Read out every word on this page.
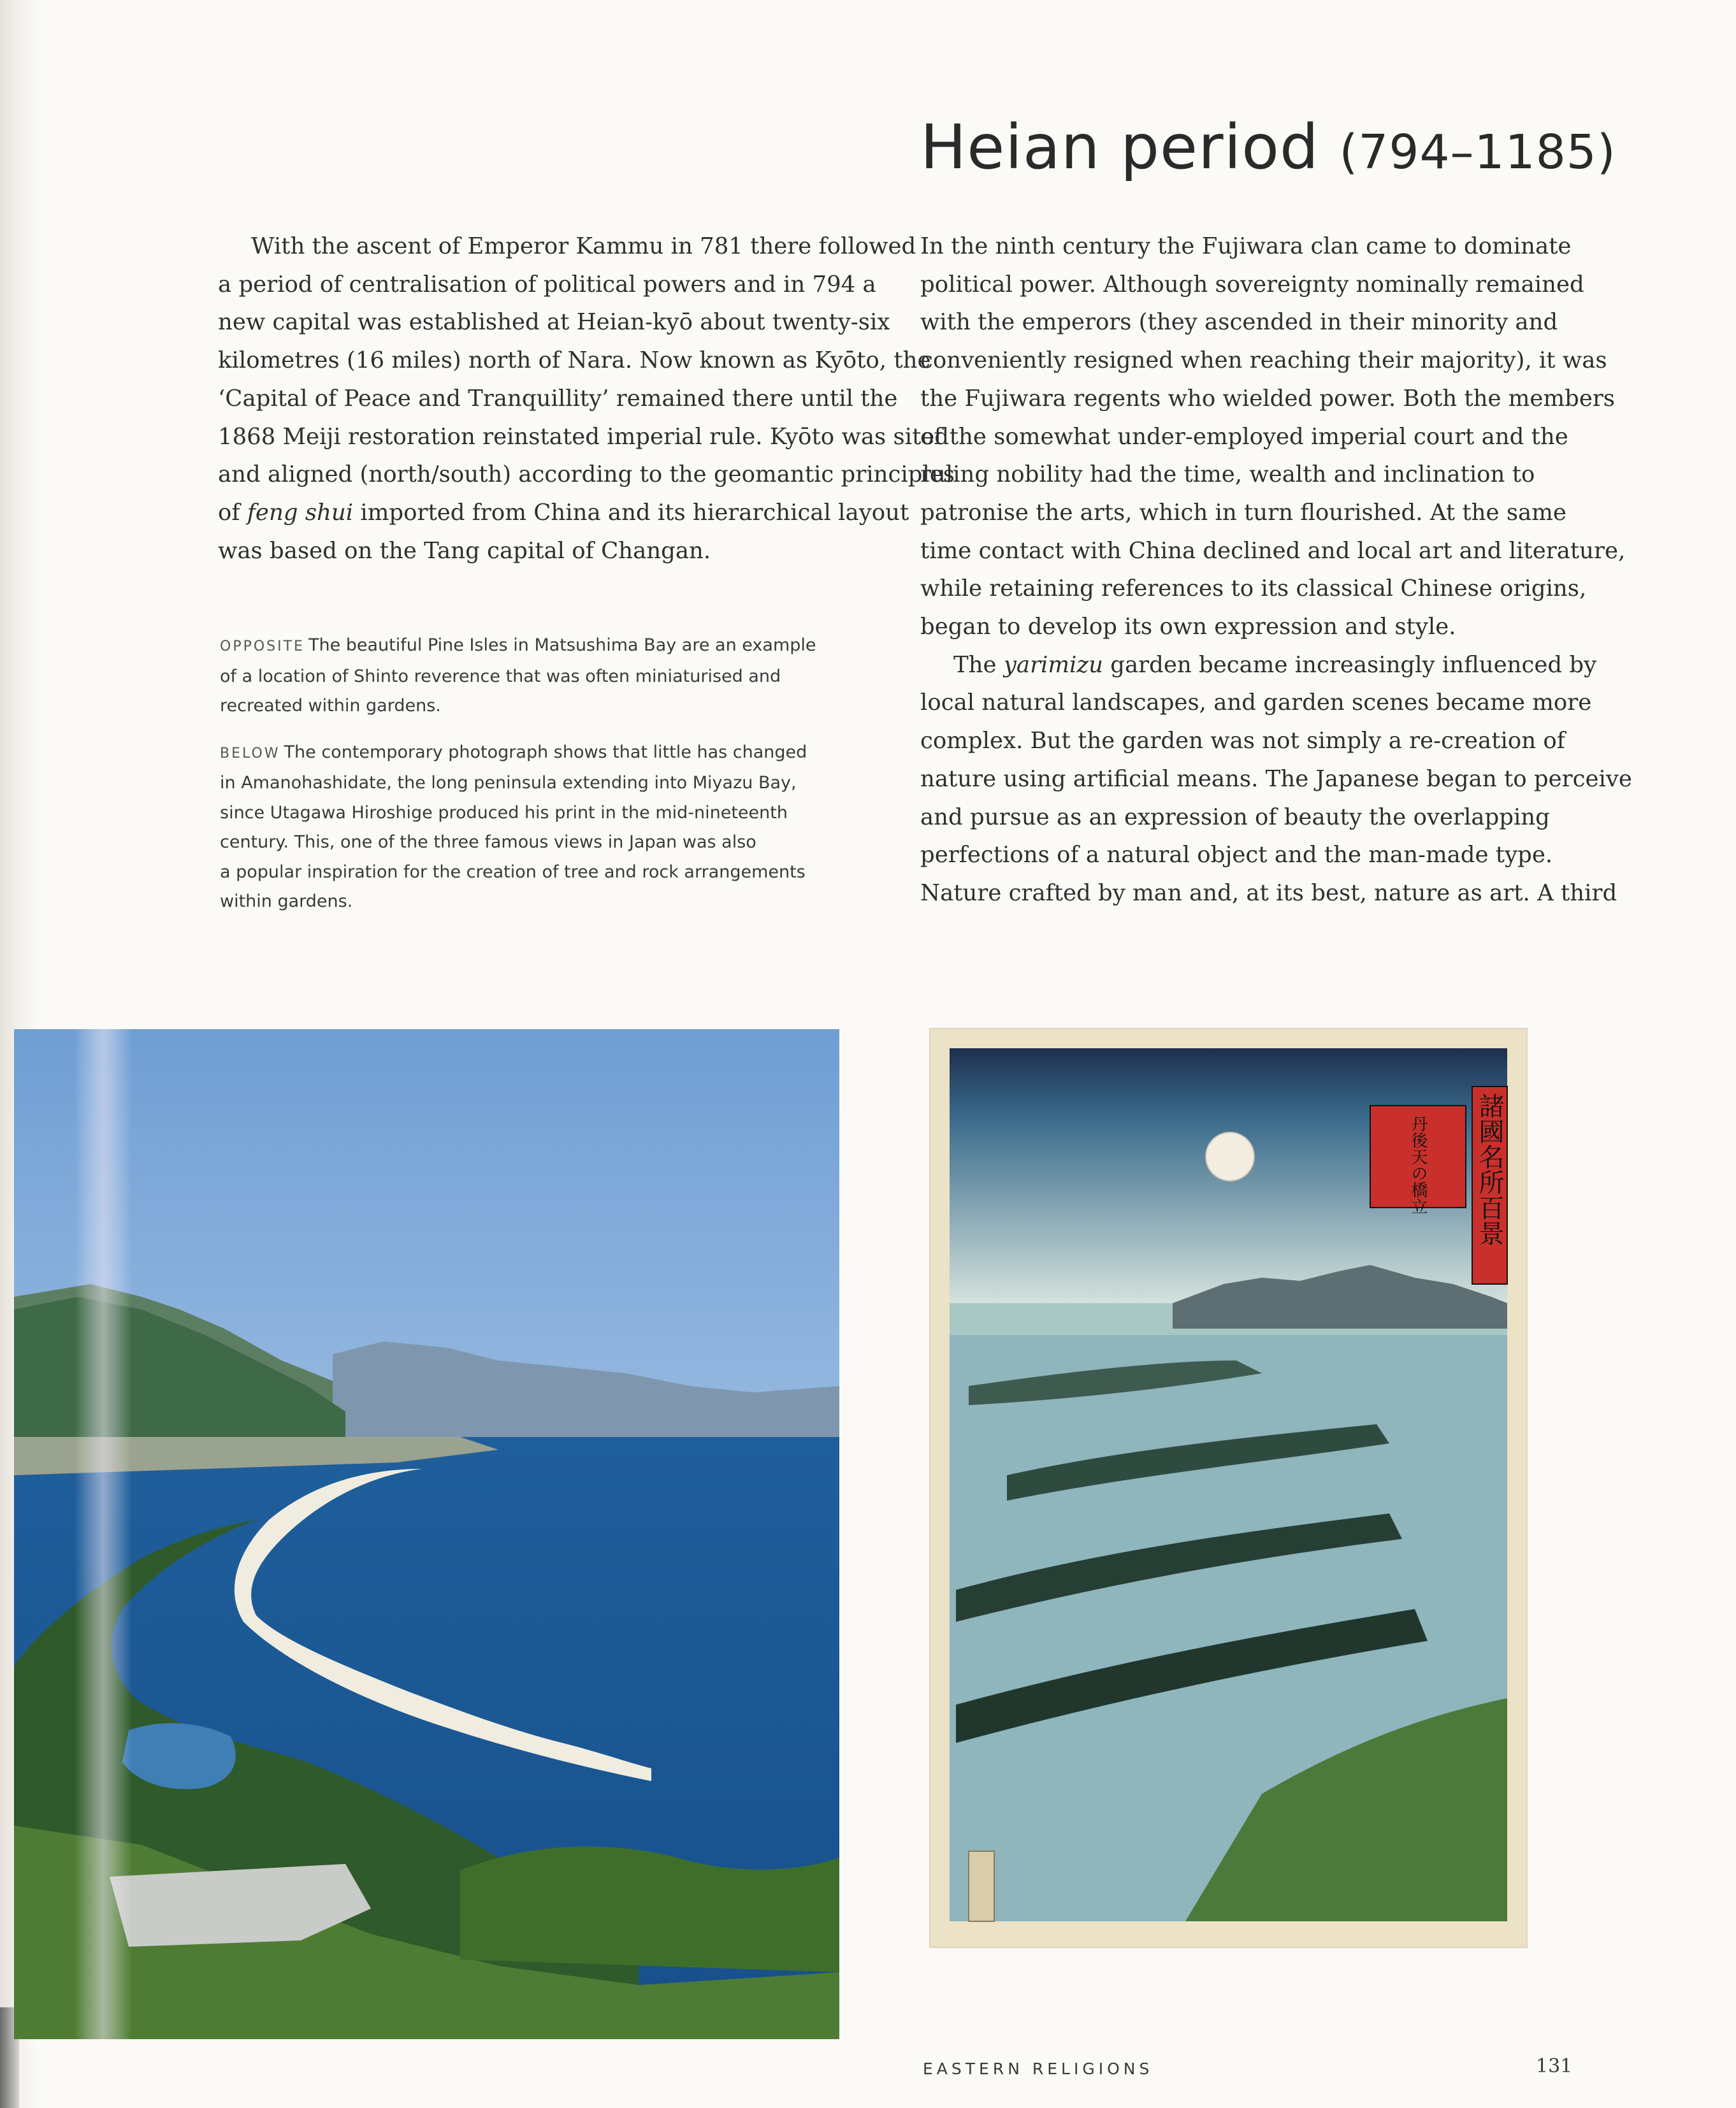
Heian period (794–1185)
With the ascent of Emperor Kammu in 781 there followed
a period of centralisation of political powers and in 794 a
new capital was established at Heian-kyō about twenty-six
kilometres (16 miles) north of Nara. Now known as Kyōto, the
‘Capital of Peace and Tranquillity’ remained there until the
1868 Meiji restoration reinstated imperial rule. Kyōto was sited
and aligned (north/south) according to the geomantic principles
of feng shui imported from China and its hierarchical layout
was based on the Tang capital of Changan.

OPPOSITE The beautiful Pine Isles in Matsushima Bay are an example
of a location of Shinto reverence that was often miniaturised and
recreated within gardens.

BELOW The contemporary photograph shows that little has changed
in Amanohashidate, the long peninsula extending into Miyazu Bay,
since Utagawa Hiroshige produced his print in the mid-nineteenth
century. This, one of the three famous views in Japan was also
a popular inspiration for the creation of tree and rock arrangements
within gardens.

In the ninth century the Fujiwara clan came to dominate
political power. Although sovereignty nominally remained
with the emperors (they ascended in their minority and
conveniently resigned when reaching their majority), it was
the Fujiwara regents who wielded power. Both the members
of the somewhat under-employed imperial court and the
ruling nobility had the time, wealth and inclination to
patronise the arts, which in turn flourished. At the same
time contact with China declined and local art and literature,
while retaining references to its classical Chinese origins,
began to develop its own expression and style.
The yarimizu garden became increasingly influenced by
local natural landscapes, and garden scenes became more
complex. But the garden was not simply a re-creation of
nature using artificial means. The Japanese began to perceive
and pursue as an expression of beauty the overlapping
perfections of a natural object and the man-made type.
Nature crafted by man and, at its best, nature as art. A third
諸國名所百景
丹後天の橋立
EASTERN RELIGIONS	131
